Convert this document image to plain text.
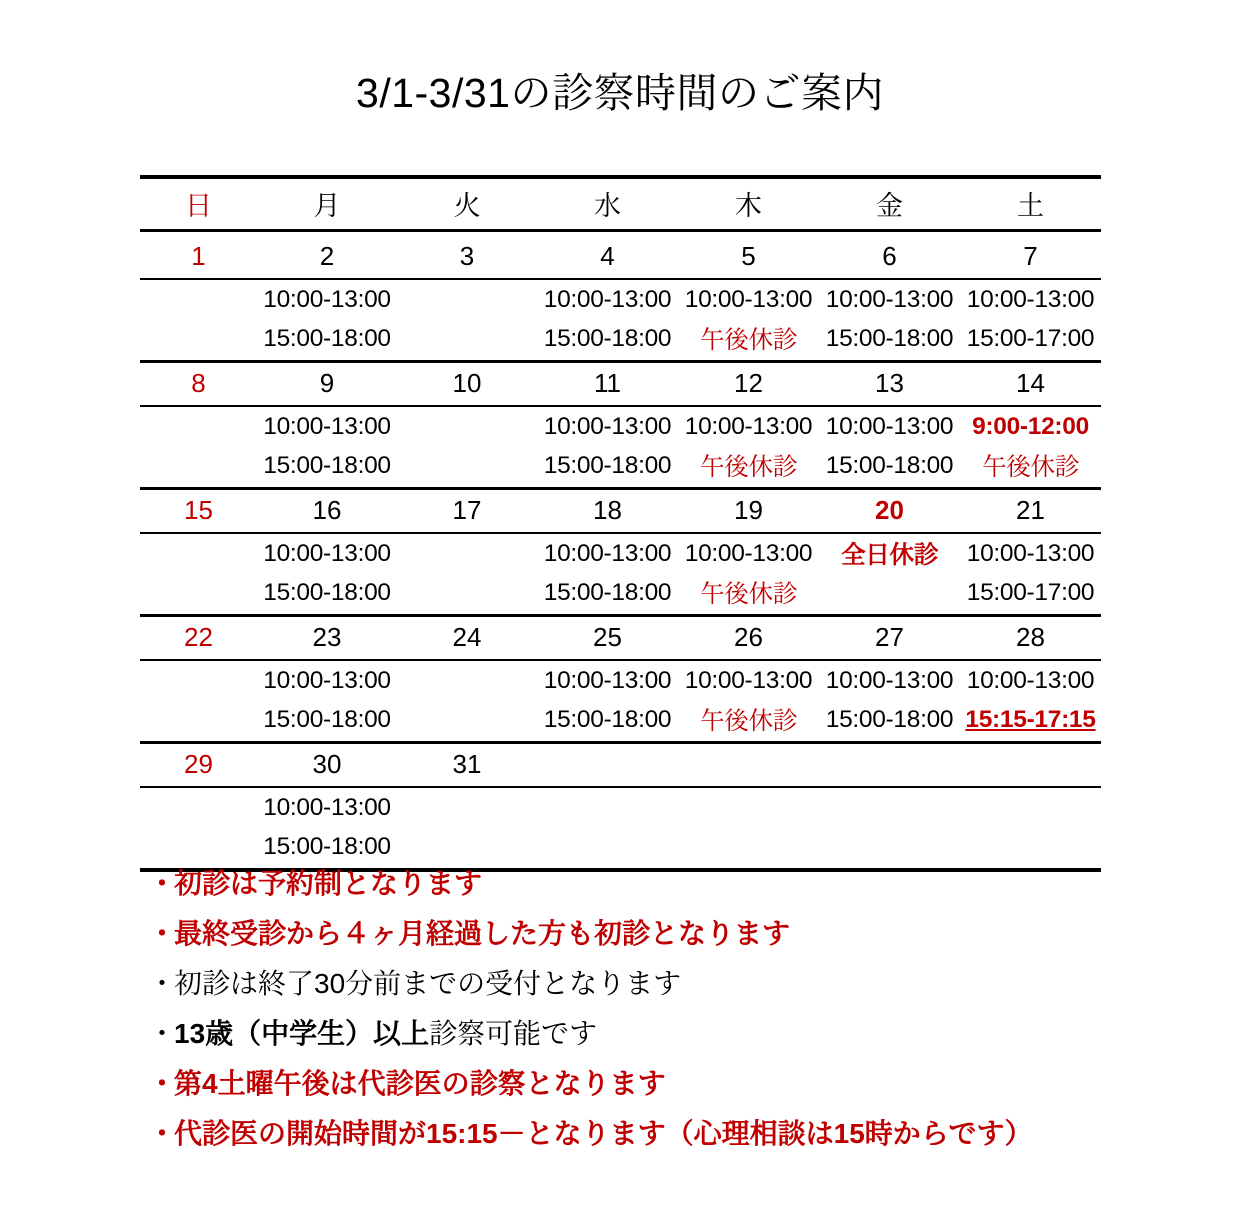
3/1-3/31の診察時間のご案内
日	月	火	水	木	金	土

1	2	3	4	5	6	7
	10:00-13:00		10:00-13:00	10:00-13:00	10:00-13:00	10:00-13:00
	15:00-18:00		15:00-18:00	午後休診	15:00-18:00	15:00-17:00
8	9	10	11	12	13	14
	10:00-13:00		10:00-13:00	10:00-13:00	10:00-13:00	9:00-12:00
	15:00-18:00		15:00-18:00	午後休診	15:00-18:00	午後休診
15	16	17	18	19	20	21
	10:00-13:00		10:00-13:00	10:00-13:00	全日休診	10:00-13:00
	15:00-18:00		15:00-18:00	午後休診		15:00-17:00
22	23	24	25	26	27	28
	10:00-13:00		10:00-13:00	10:00-13:00	10:00-13:00	10:00-13:00
	15:00-18:00		15:00-18:00	午後休診	15:00-18:00	15:15-17:15
29	30	31				
	10:00-13:00					
	15:00-18:00					

・初診は予約制となります
・最終受診から４ヶ月経過した方も初診となります
・初診は終了30分前までの受付となります
・13歳（中学生）以上診察可能です
・第4土曜午後は代診医の診察となります
・代診医の開始時間が15:15－となります（心理相談は15時からです）
